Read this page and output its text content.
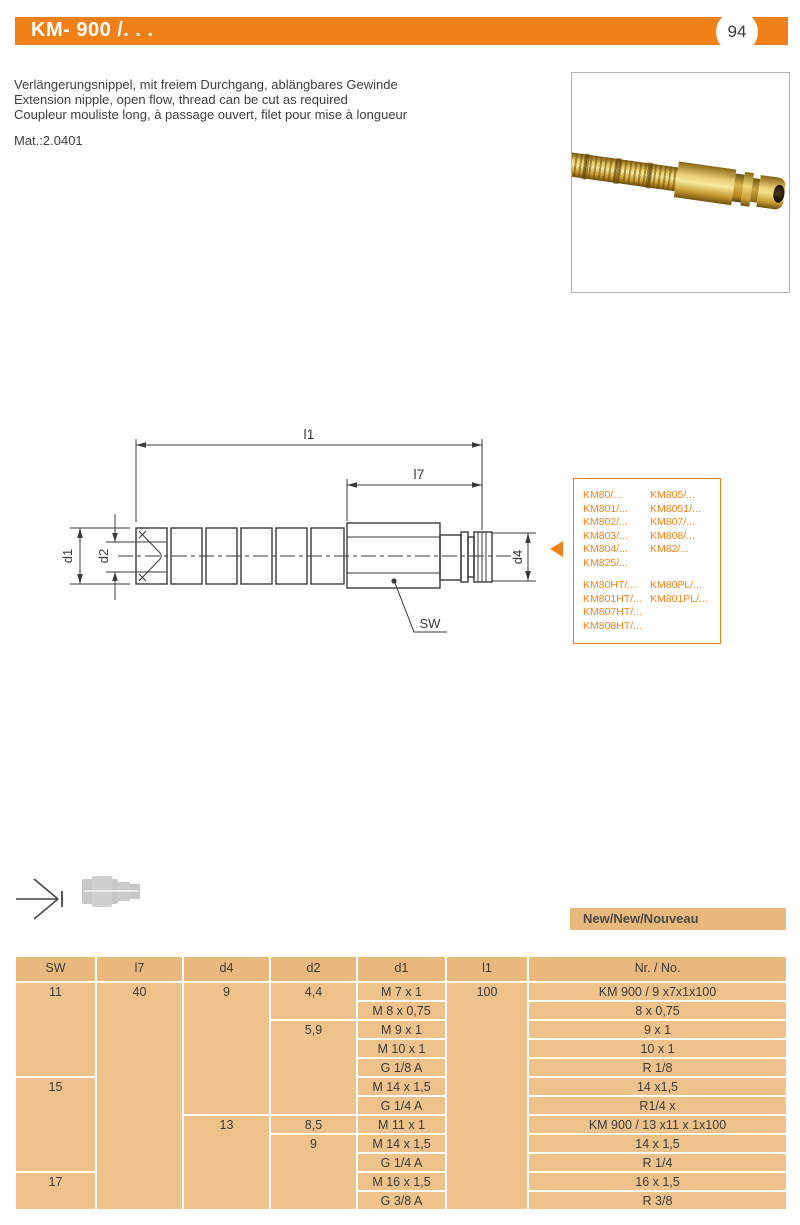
KM- 900 /. . .	94
Verlängerungsnippel, mit freiem Durchgang, ablängbares Gewinde
Extension nipple, open flow, thread can be cut as required
Coupleur mouliste long, à passage ouvert, filet pour mise à longueur
Mat.:2.0401
l1
l7
d1 d2	d4
SW
KM80/...
KM801/...
KM802/...
KM803/...
KM804/...
KM825/...
KM805/...
KM8051/...
KM807/...
KM808/...
KM82/...
KM80HT/...
KM801HT/...
KM807HT/...
KM808HT/...
KM80PL/...
KM801PL/...
New/New/Nouveau
SW	l7	d4	d2	d1	l1	Nr. / No.
11	40	9	4,4	M 7 x 1	100	KM 900 / 9 x7x1x100
				M 8 x 0,75		8 x 0,75
			5,9	M 9 x 1		9 x 1
				M 10 x 1		10 x 1
				G 1/8 A		R 1/8
15				M 14 x 1,5		14 x1,5
				G 1/4 A		R1/4 x
		13	8,5	M 11 x 1		KM 900 / 13 x11 x 1x100
			9	M 14 x 1,5		14 x 1,5
				G 1/4 A		R 1/4
17				M 16 x 1,5		16 x 1,5
				G 3/8 A		R 3/8
